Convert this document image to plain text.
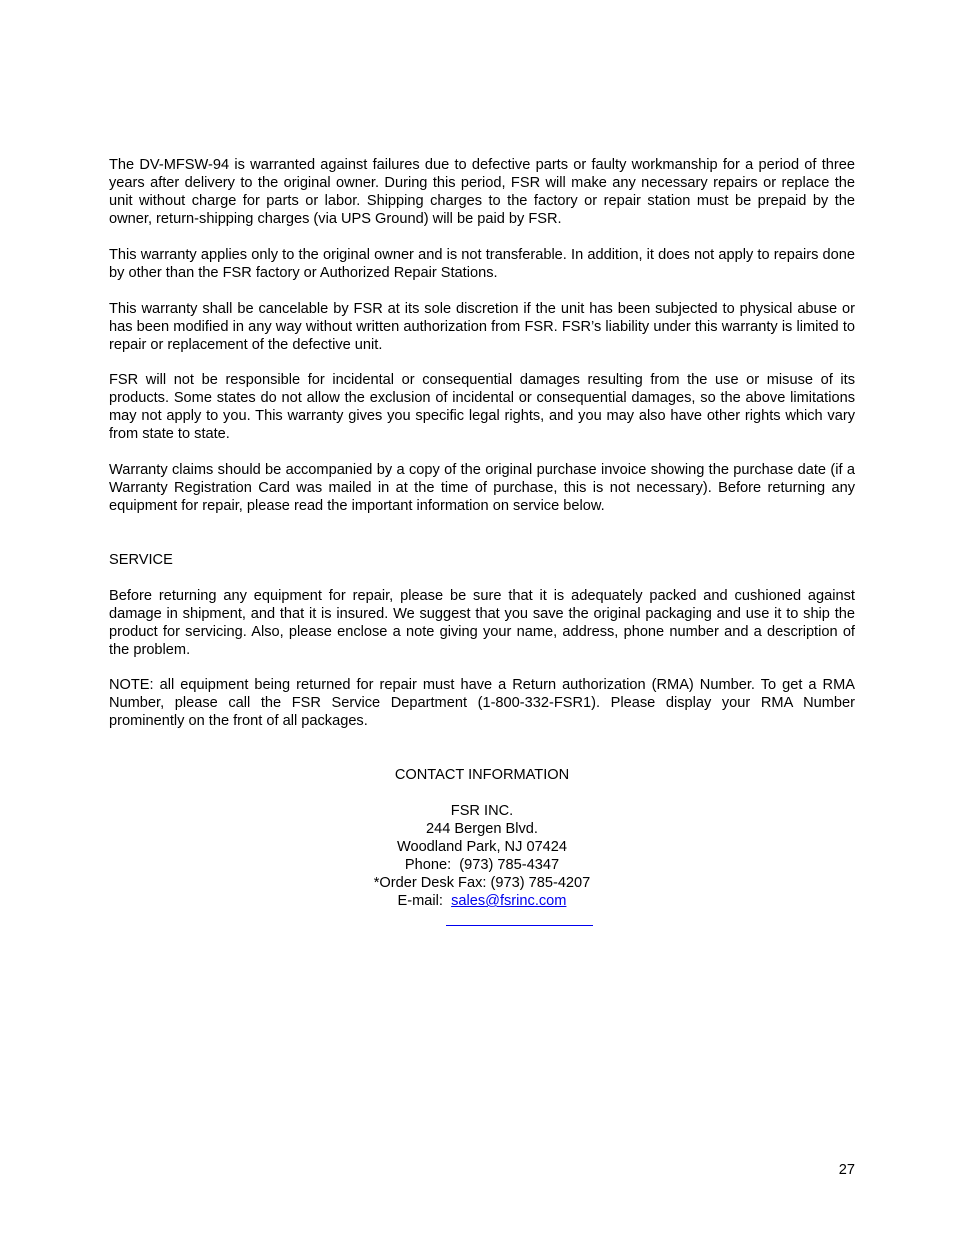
The DV-MFSW-94 is warranted against failures due to defective parts or faulty workmanship for a period of three years after delivery to the original owner. During this period, FSR will make any necessary repairs or replace the unit without charge for parts or labor. Shipping charges to the factory or repair station must be prepaid by the owner, return-shipping charges (via UPS Ground) will be paid by FSR.

This warranty applies only to the original owner and is not transferable. In addition, it does not apply to repairs done by other than the FSR factory or Authorized Repair Stations.

This warranty shall be cancelable by FSR at its sole discretion if the unit has been subjected to physical abuse or has been modified in any way without written authorization from FSR. FSR’s liability under this warranty is limited to repair or replacement of the defective unit.

FSR will not be responsible for incidental or consequential damages resulting from the use or misuse of its products. Some states do not allow the exclusion of incidental or consequential damages, so the above limitations may not apply to you. This warranty gives you specific legal rights, and you may also have other rights which vary from state to state.

Warranty claims should be accompanied by a copy of the original purchase invoice showing the purchase date (if a Warranty Registration Card was mailed in at the time of purchase, this is not necessary). Before returning any equipment for repair, please read the important information on service below.

SERVICE

Before returning any equipment for repair, please be sure that it is adequately packed and cushioned against damage in shipment, and that it is insured. We suggest that you save the original packaging and use it to ship the product for servicing. Also, please enclose a note giving your name, address, phone number and a description of the problem.

NOTE: all equipment being returned for repair must have a Return authorization (RMA) Number. To get a RMA Number, please call the FSR Service Department (1-800-332-FSR1). Please display your RMA Number prominently on the front of all packages.

CONTACT INFORMATION
FSR INC.
244 Bergen Blvd.
Woodland Park, NJ 07424
Phone:  (973) 785-4347
*Order Desk Fax: (973) 785-4207
E-mail:  sales@fsrinc.com
27
